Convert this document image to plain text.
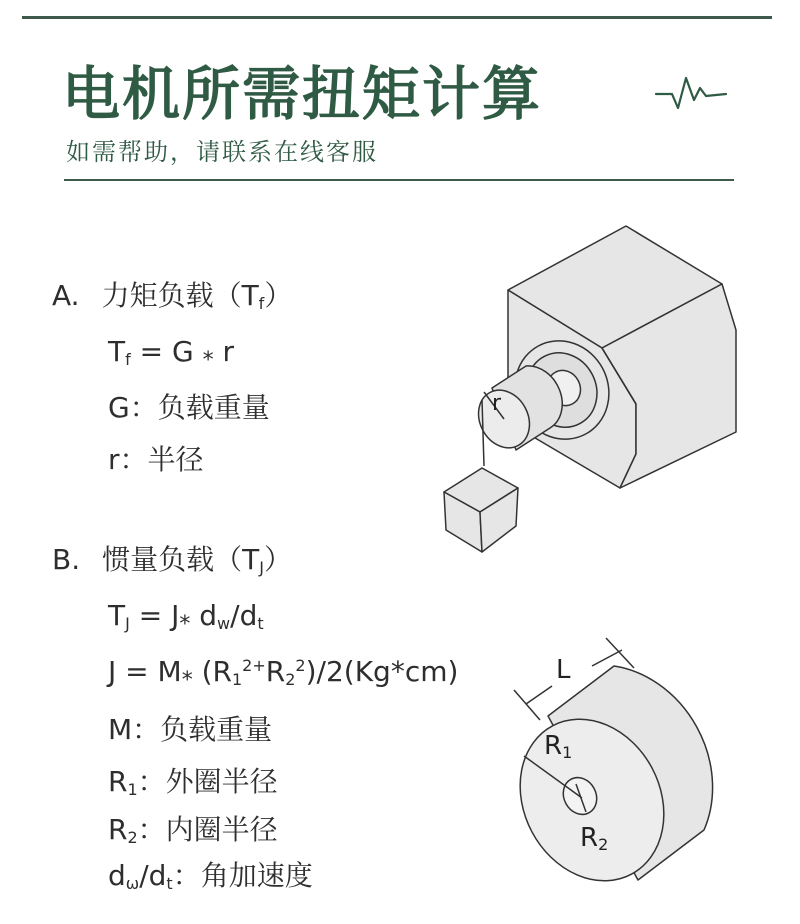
电机所需扭矩计算
如需帮助，请联系在线客服
A. 力矩负载（Tf）
Tf = G $_*$ r
G：负载重量
r：半径
r
B. 惯量负载（TJ）
TJ = $J_*$ dw/dt
$J = M_*$ $(R1^{2+}R2^2)/2(Kg*cm)$
M：负载重量
R1：外圈半径
R2：内圈半径
dω/dt：角加速度
L
R1
R2
